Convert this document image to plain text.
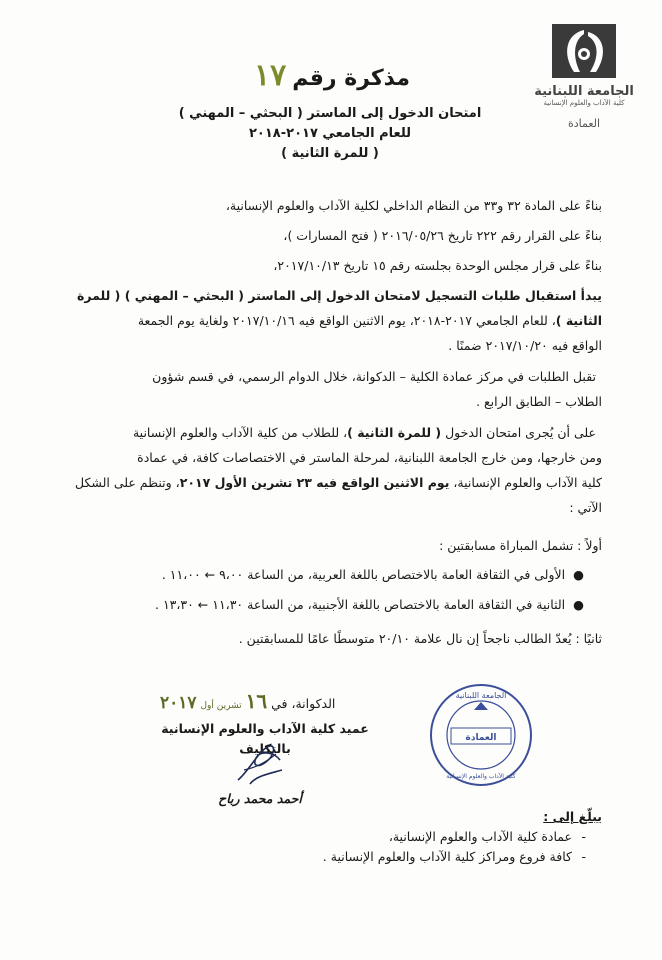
الجامعة اللبنانية
كلية الآداب والعلوم الإنسانية
العمادة
مذكرة رقم١٧
امتحان الدخول إلى الماستر ( البحثي – المهني )
للعام الجامعي ٢٠١٧-٢٠١٨
( للمرة الثانية )
بناءً على المادة ٣٢ و٣٣ من النظام الداخلي لكلية الآداب والعلوم الإنسانية،
بناءً على القرار رقم ٢٢٢ تاريخ ٢٠١٦/٠٥/٢٦ ( فتح المسارات )،
بناءً على قرار مجلس الوحدة بجلسته رقم ١٥ تاريخ ٢٠١٧/١٠/١٣،
يبدأ استقبال طلبات التسجيل لامتحان الدخول إلى الماستر ( البحثي – المهني ) ( للمرة
الثانية )، للعام الجامعي ٢٠١٧-٢٠١٨، يوم الاثنين الواقع فيه ٢٠١٧/١٠/١٦ ولغاية يوم الجمعة
الواقع فيه ٢٠١٧/١٠/٢٠ ضمنًا .
تقبل الطلبات في مركز عمادة الكلية – الدكوانة، خلال الدوام الرسمي، في قسم شؤون
الطلاب – الطابق الرابع .
على أن يُجرى امتحان الدخول ( للمرة الثانية )، للطلاب من كلية الآداب والعلوم الإنسانية
ومن خارجها، ومن خارج الجامعة اللبنانية، لمرحلة الماستر في الاختصاصات كافة، في عمادة
كلية الآداب والعلوم الإنسانية، يوم الاثنين الواقع فيه ٢٣ تشرين الأول ٢٠١٧، وتنظم على الشكل
الآتي :
أولاً : تشمل المباراة مسابقتين :
●  الأولى في الثقافة العامة بالاختصاص باللغة العربية، من الساعة ٩،٠٠ ← ١١،٠٠ .
●  الثانية في الثقافة العامة بالاختصاص باللغة الأجنبية، من الساعة ١١،٣٠ ← ١٣،٣٠ .
ثانيًا : يُعدّ الطالب ناجحاً إن نال علامة ٢٠/١٠ متوسطًا عامًا للمسابقتين .
الدكوانة، في ١٦ تشرين أول ٢٠١٧
عميد كلية الآداب والعلوم الإنسانية
بالتكليف
أحمد محمد رباح
الجامعة اللبنانية
العمادة
كلية الآداب والعلوم الإنسانية
يبلّغ إلى :
-عمادة كلية الآداب والعلوم الإنسانية،
-كافة فروع ومراكز كلية الآداب والعلوم الإنسانية .
